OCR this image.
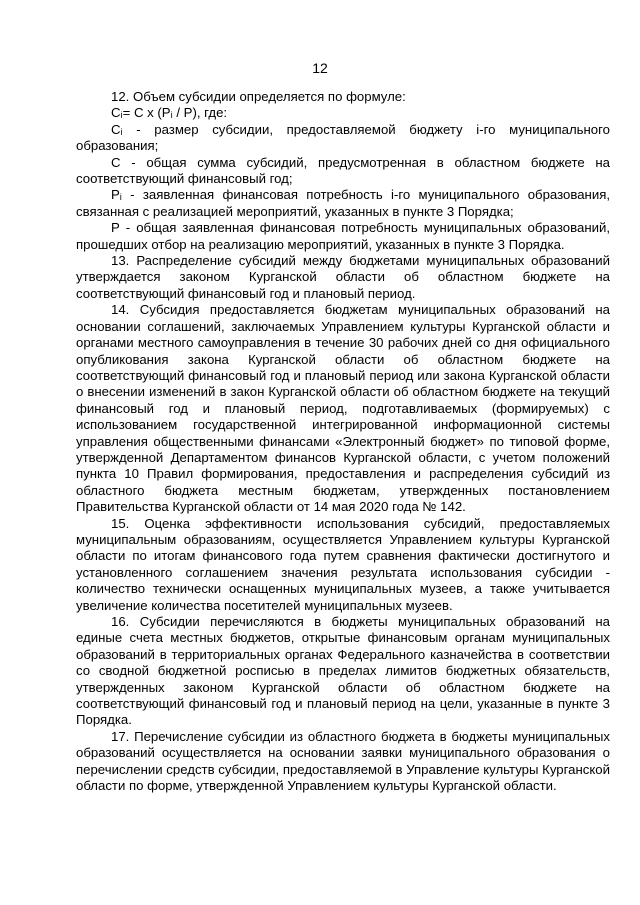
12

12. Объем субсидии определяется по формуле:

Сᵢ= С х (Рᵢ / Р), где:

Сᵢ - размер субсидии, предоставляемой бюджету i-го муниципального образования;

С - общая сумма субсидий, предусмотренная в областном бюджете на соответствующий финансовый год;

Рᵢ - заявленная финансовая потребность i-го муниципального образования, связанная с реализацией мероприятий, указанных в пункте 3 Порядка;

Р - общая заявленная финансовая потребность муниципальных образований, прошедших отбор на реализацию мероприятий, указанных в пункте 3 Порядка.

13. Распределение субсидий между бюджетами муниципальных образований утверждается законом Курганской области об областном бюджете на соответствующий финансовый год и плановый период.

14. Субсидия предоставляется бюджетам муниципальных образований на основании соглашений, заключаемых Управлением культуры Курганской области и органами местного самоуправления в течение 30 рабочих дней со дня официального опубликования закона Курганской области об областном бюджете на соответствующий финансовый год и плановый период или закона Курганской области о внесении изменений в закон Курганской области об областном бюджете на текущий финансовый год и плановый период, подготавливаемых (формируемых) с использованием государственной интегрированной информационной системы управления общественными финансами «Электронный бюджет» по типовой форме, утвержденной Департаментом финансов Курганской области, с учетом положений пункта 10 Правил формирования, предоставления и распределения субсидий из областного бюджета местным бюджетам, утвержденных постановлением Правительства Курганской области от 14 мая 2020 года № 142.

15. Оценка эффективности использования субсидий, предоставляемых муниципальным образованиям, осуществляется Управлением культуры Курганской области по итогам финансового года путем сравнения фактически достигнутого и установленного соглашением значения результата использования субсидии - количество технически оснащенных муниципальных музеев, а также учитывается увеличение количества посетителей муниципальных музеев.

16. Субсидии перечисляются в бюджеты муниципальных образований на единые счета местных бюджетов, открытые финансовым органам муниципальных образований в территориальных органах Федерального казначейства в соответствии со сводной бюджетной росписью в пределах лимитов бюджетных обязательств, утвержденных законом Курганской области об областном бюджете на соответствующий финансовый год и плановый период на цели, указанные в пункте 3 Порядка.

17. Перечисление субсидии из областного бюджета в бюджеты муниципальных образований осуществляется на основании заявки муниципального образования о перечислении средств субсидии, предоставляемой в Управление культуры Курганской области по форме, утвержденной Управлением культуры Курганской области.
